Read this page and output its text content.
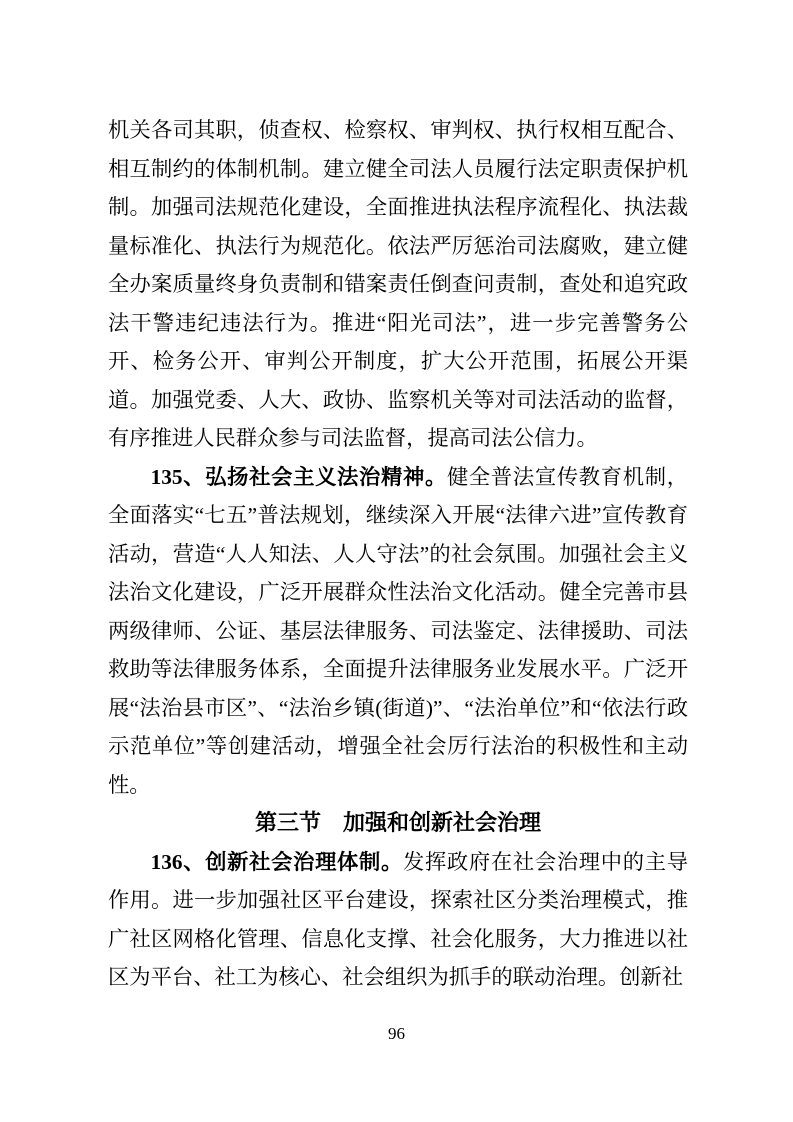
机关各司其职，侦查权、检察权、审判权、执行权相互配合、相互制约的体制机制。建立健全司法人员履行法定职责保护机制。加强司法规范化建设，全面推进执法程序流程化、执法裁量标准化、执法行为规范化。依法严厉惩治司法腐败，建立健全办案质量终身负责制和错案责任倒查问责制，查处和追究政法干警违纪违法行为。推进“阳光司法”，进一步完善警务公开、检务公开、审判公开制度，扩大公开范围，拓展公开渠道。加强党委、人大、政协、监察机关等对司法活动的监督，有序推进人民群众参与司法监督，提高司法公信力。

135、弘扬社会主义法治精神。健全普法宣传教育机制，全面落实“七五”普法规划，继续深入开展“法律六进”宣传教育活动，营造“人人知法、人人守法”的社会氛围。加强社会主义法治文化建设，广泛开展群众性法治文化活动。健全完善市县两级律师、公证、基层法律服务、司法鉴定、法律援助、司法救助等法律服务体系，全面提升法律服务业发展水平。广泛开展“法治县市区”、“法治乡镇(街道)”、“法治单位”和“依法行政示范单位”等创建活动，增强全社会厉行法治的积极性和主动性。

第三节　加强和创新社会治理

136、创新社会治理体制。发挥政府在社会治理中的主导作用。进一步加强社区平台建设，探索社区分类治理模式，推广社区网格化管理、信息化支撑、社会化服务，大力推进以社区为平台、社工为核心、社会组织为抓手的联动治理。创新社

96
